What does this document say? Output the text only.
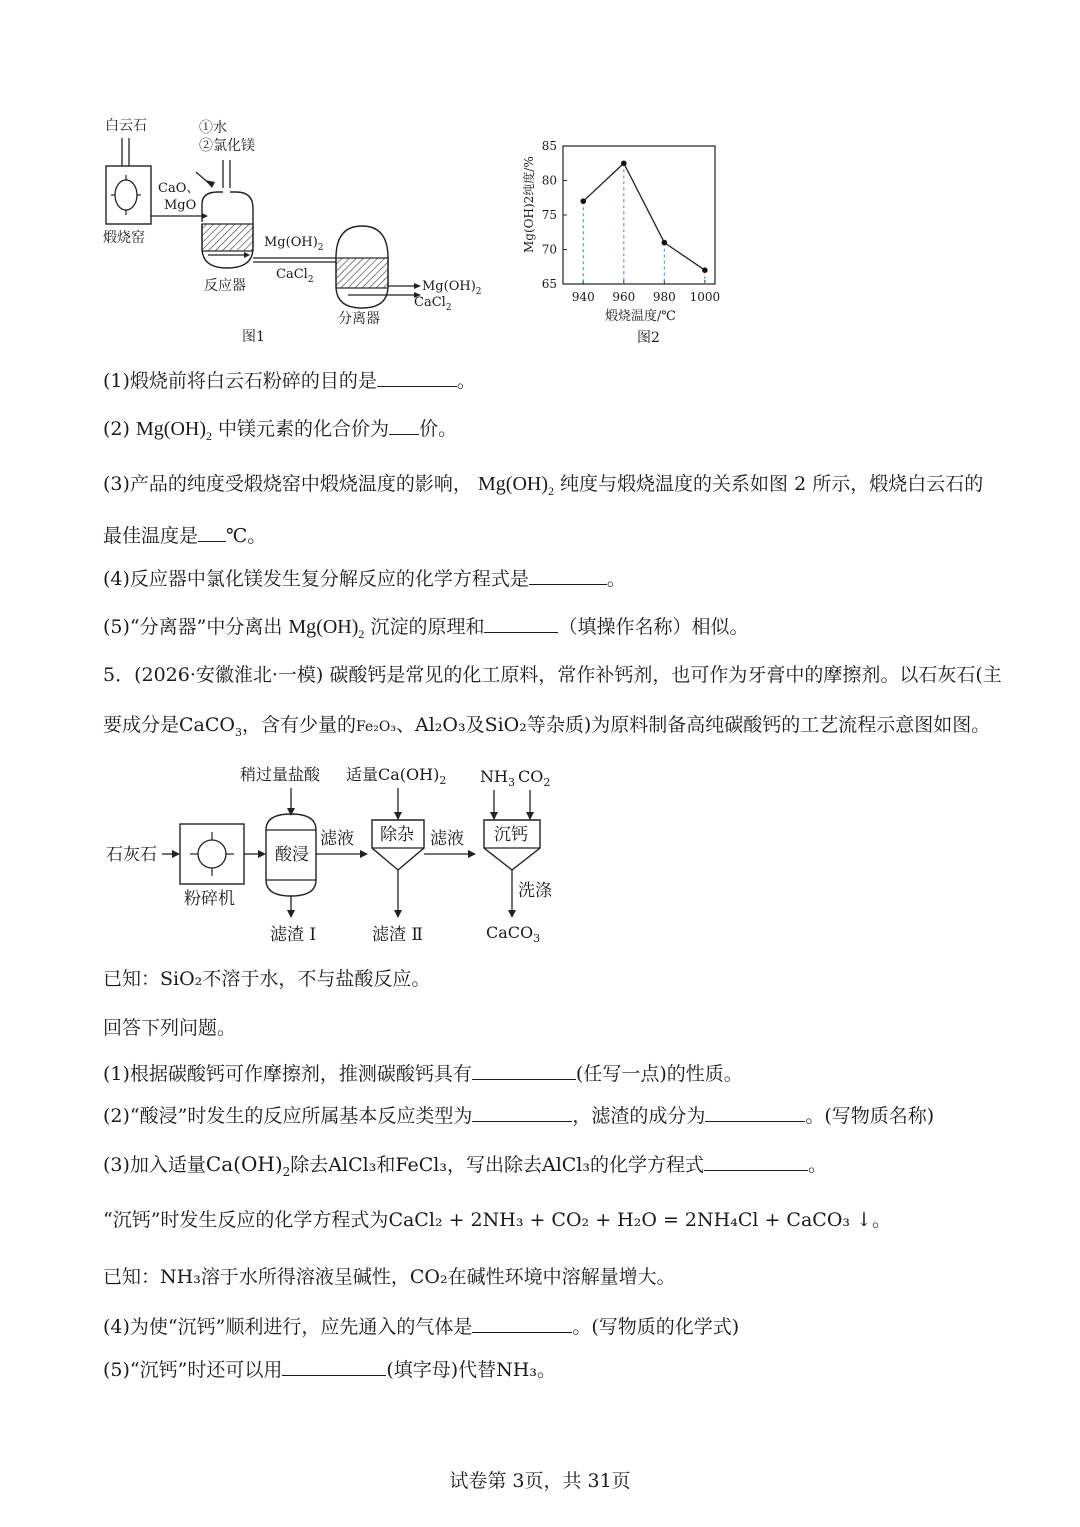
白云石
煅烧窑
CaO、
MgO
①水
②氯化镁
反应器
$Mg(OH)_2$
CaCl$_2$	$Mg(OH)_2$
CaCl$_2$
分离器
图1
65
70
75
80
85
940 960 980 1000
煅烧温度/℃
Mg(OH)2纯度/%
图2
(1)煅烧前将白云石粉碎的目的是	。
(2) $Mg(OH)_2$ 中镁元素的化合价为 价。
(3)产品的纯度受煅烧窑中煅烧温度的影响， $Mg(OH)_2$ 纯度与煅烧温度的关系如图 2 所示，煅烧白云石的
最佳温度是 ℃。
(4)反应器中氯化镁发生复分解反应的化学方程式是	。
(5)“分离器”中分离出 $Mg(OH)_2$ 沉淀的原理和	（填操作名称）相似。
5．(2026·安徽淮北·一模) 碳酸钙是常见的化工原料，常作补钙剂，也可作为牙膏中的摩擦剂。以石灰石(主
要成分是CaCO$_3$，含有少量的Fe₂O₃、Al₂O₃及SiO₂等杂质)为原料制备高纯碳酸钙的工艺流程示意图如图。
稍过量盐酸 适量$Ca(OH)_2$ $NH_3$ $CO_2$
石灰石
粉碎机
酸浸
滤渣 Ⅰ
滤液 除杂
滤渣 Ⅱ
滤液 沉钙
洗涤
CaCO$_3$
已知：SiO₂不溶于水，不与盐酸反应。
回答下列问题。
(1)根据碳酸钙可作摩擦剂，推测碳酸钙具有	(任写一点)的性质。
(2)“酸浸”时发生的反应所属基本反应类型为	，滤渣的成分为	。(写物质名称)
(3)加入适量$Ca(OH)_2$除去AlCl₃和FeCl₃，写出除去AlCl₃的化学方程式	。
“沉钙”时发生反应的化学方程式为CaCl₂ + 2NH₃ + CO₂ + H₂O = 2NH₄Cl + CaCO₃ ↓。
已知：NH₃溶于水所得溶液呈碱性，CO₂在碱性环境中溶解量增大。
(4)为使“沉钙”顺利进行，应先通入的气体是	。(写物质的化学式)
(5)“沉钙”时还可以用	(填字母)代替NH₃。
试卷第 3页，共 31页
